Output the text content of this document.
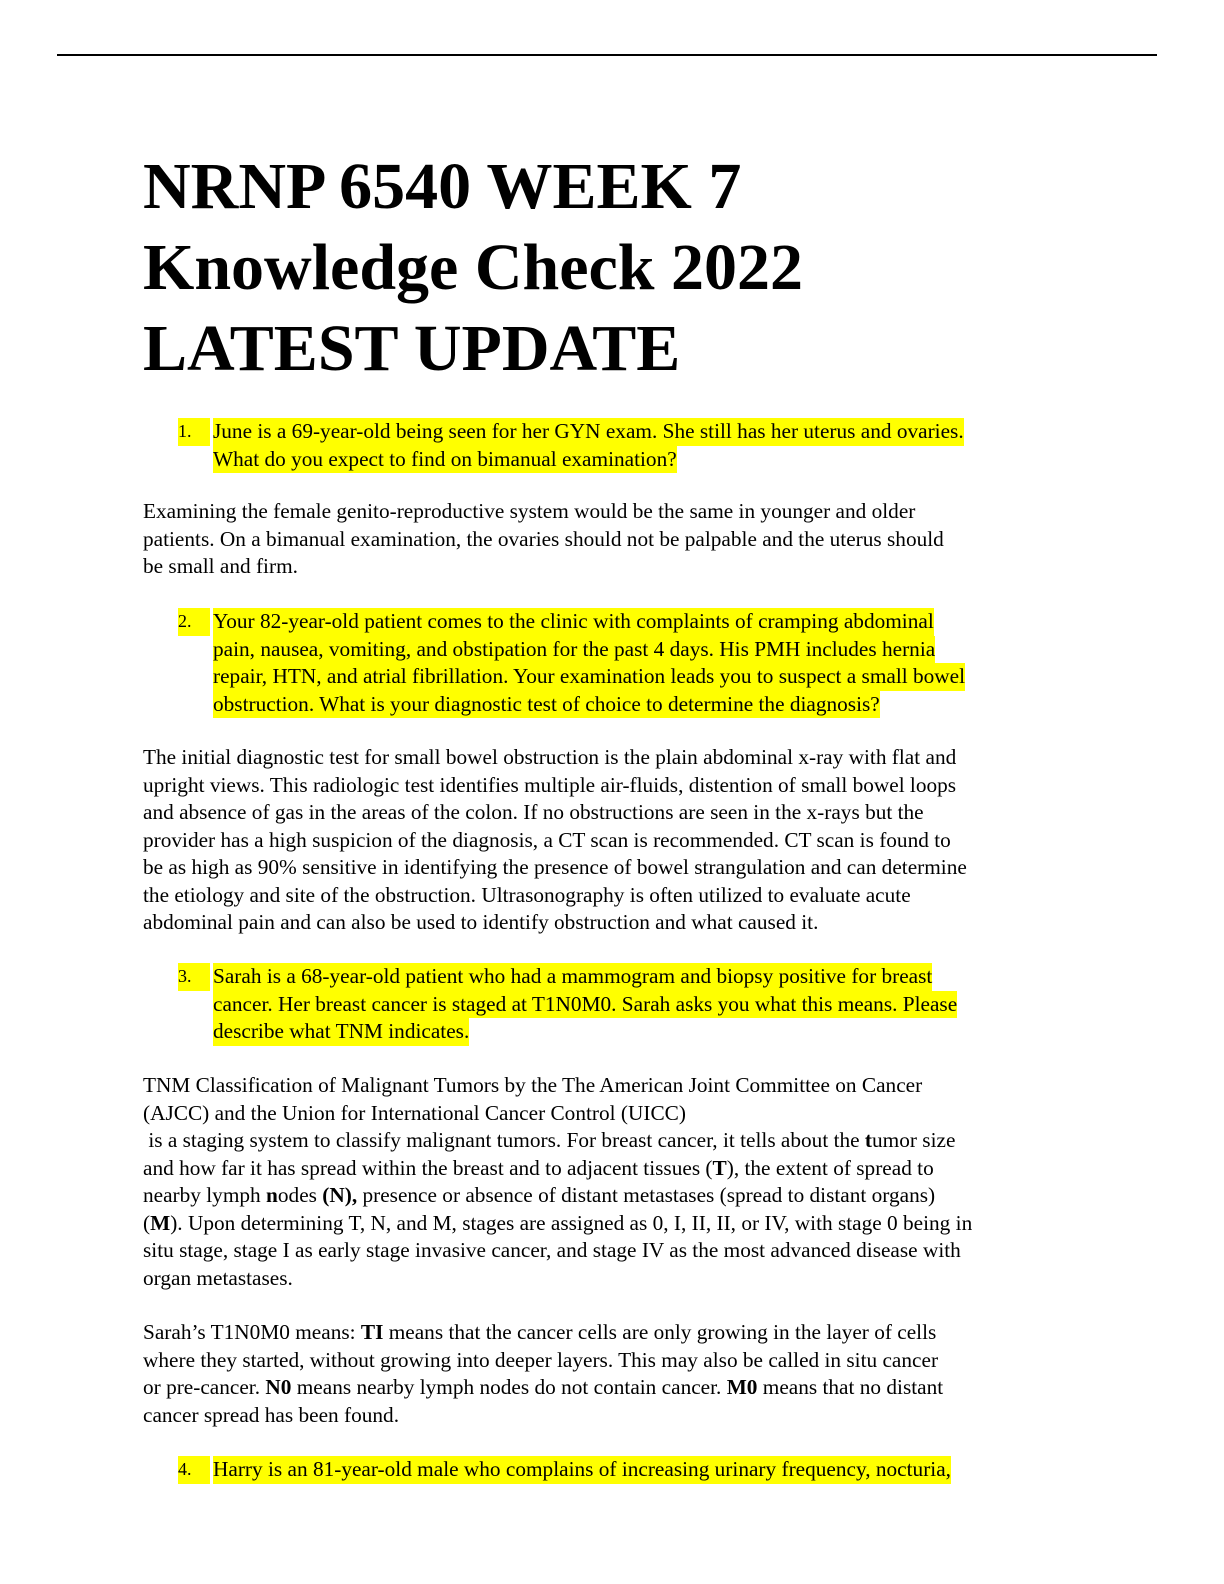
NRNP 6540 WEEK 7
Knowledge Check 2022
LATEST UPDATE
1.	June is a 69-year-old being seen for her GYN exam. She still has her uterus and ovaries.
What do you expect to find on bimanual examination?
Examining the female genito-reproductive system would be the same in younger and older
patients. On a bimanual examination, the ovaries should not be palpable and the uterus should
be small and firm.
2.	Your 82-year-old patient comes to the clinic with complaints of cramping abdominal
pain, nausea, vomiting, and obstipation for the past 4 days. His PMH includes hernia
repair, HTN, and atrial fibrillation. Your examination leads you to suspect a small bowel
obstruction. What is your diagnostic test of choice to determine the diagnosis?
The initial diagnostic test for small bowel obstruction is the plain abdominal x-ray with flat and
upright views. This radiologic test identifies multiple air-fluids, distention of small bowel loops
and absence of gas in the areas of the colon. If no obstructions are seen in the x-rays but the
provider has a high suspicion of the diagnosis, a CT scan is recommended. CT scan is found to
be as high as 90% sensitive in identifying the presence of bowel strangulation and can determine
the etiology and site of the obstruction. Ultrasonography is often utilized to evaluate acute
abdominal pain and can also be used to identify obstruction and what caused it.
3.	Sarah is a 68-year-old patient who had a mammogram and biopsy positive for breast
cancer. Her breast cancer is staged at T1N0M0. Sarah asks you what this means. Please
describe what TNM indicates.
TNM Classification of Malignant Tumors by the The American Joint Committee on Cancer
(AJCC) and the Union for International Cancer Control (UICC)
is a staging system to classify malignant tumors. For breast cancer, it tells about the tumor size
and how far it has spread within the breast and to adjacent tissues (T), the extent of spread to
nearby lymph nodes (N), presence or absence of distant metastases (spread to distant organs)
(M). Upon determining T, N, and M, stages are assigned as 0, I, II, II, or IV, with stage 0 being in
situ stage, stage I as early stage invasive cancer, and stage IV as the most advanced disease with
organ metastases.
Sarah’s T1N0M0 means: TI means that the cancer cells are only growing in the layer of cells
where they started, without growing into deeper layers. This may also be called in situ cancer
or pre-cancer. N0 means nearby lymph nodes do not contain cancer. M0 means that no distant
cancer spread has been found.
4.	Harry is an 81-year-old male who complains of increasing urinary frequency, nocturia,
